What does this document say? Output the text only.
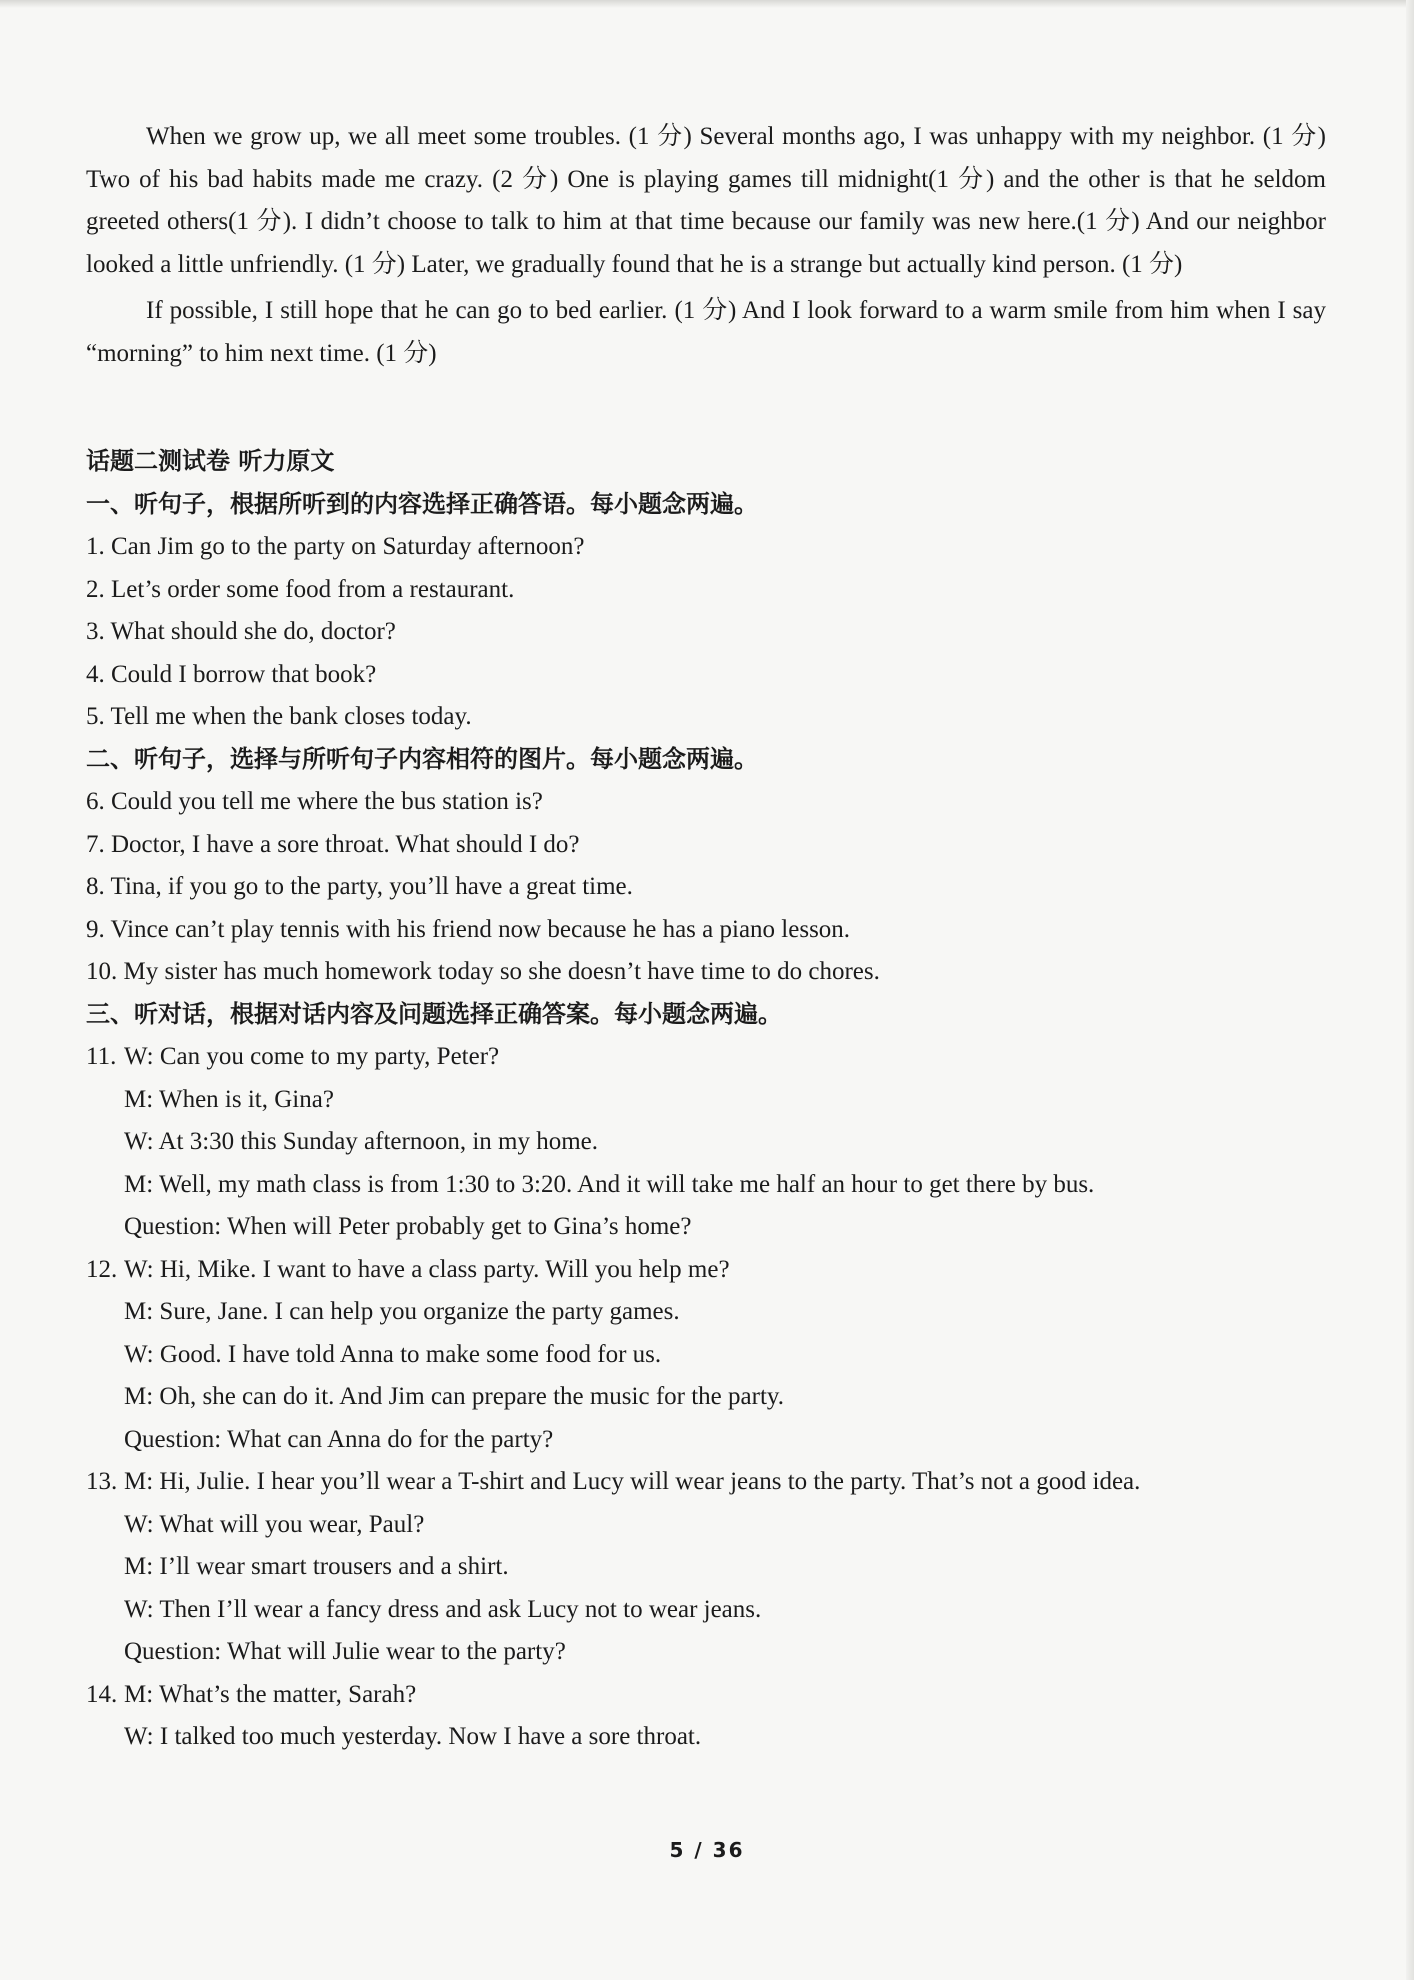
When we grow up, we all meet some troubles. (1 分) Several months ago, I was unhappy with my neighbor. (1 分) Two of his bad habits made me crazy. (2 分) One is playing games till midnight(1 分) and the other is that he seldom greeted others(1 分). I didn’t choose to talk to him at that time because our family was new here.(1 分) And our neighbor looked a little unfriendly. (1 分) Later, we gradually found that he is a strange but actually kind person. (1 分)

If possible, I still hope that he can go to bed earlier. (1 分) And I look forward to a warm smile from him when I say “morning” to him next time. (1 分)

话题二测试卷 听力原文

一、听句子，根据所听到的内容选择正确答语。每小题念两遍。

1. Can Jim go to the party on Saturday afternoon?

2. Let’s order some food from a restaurant.

3. What should she do, doctor?

4. Could I borrow that book?

5. Tell me when the bank closes today.

二、听句子，选择与所听句子内容相符的图片。每小题念两遍。

6. Could you tell me where the bus station is?

7. Doctor, I have a sore throat. What should I do?

8. Tina, if you go to the party, you’ll have a great time.

9. Vince can’t play tennis with his friend now because he has a piano lesson.

10. My sister has much homework today so she doesn’t have time to do chores.

三、听对话，根据对话内容及问题选择正确答案。每小题念两遍。

11. W: Can you come to my party, Peter?

M: When is it, Gina?

W: At 3:30 this Sunday afternoon, in my home.

M: Well, my math class is from 1:30 to 3:20. And it will take me half an hour to get there by bus.

Question: When will Peter probably get to Gina’s home?

12. W: Hi, Mike. I want to have a class party. Will you help me?

M: Sure, Jane. I can help you organize the party games.

W: Good. I have told Anna to make some food for us.

M: Oh, she can do it. And Jim can prepare the music for the party.

Question: What can Anna do for the party?

13. M: Hi, Julie. I hear you’ll wear a T-shirt and Lucy will wear jeans to the party. That’s not a good idea.

W: What will you wear, Paul?

M: I’ll wear smart trousers and a shirt.

W: Then I’ll wear a fancy dress and ask Lucy not to wear jeans.

Question: What will Julie wear to the party?

14. M: What’s the matter, Sarah?

W: I talked too much yesterday. Now I have a sore throat.

5 / 36
